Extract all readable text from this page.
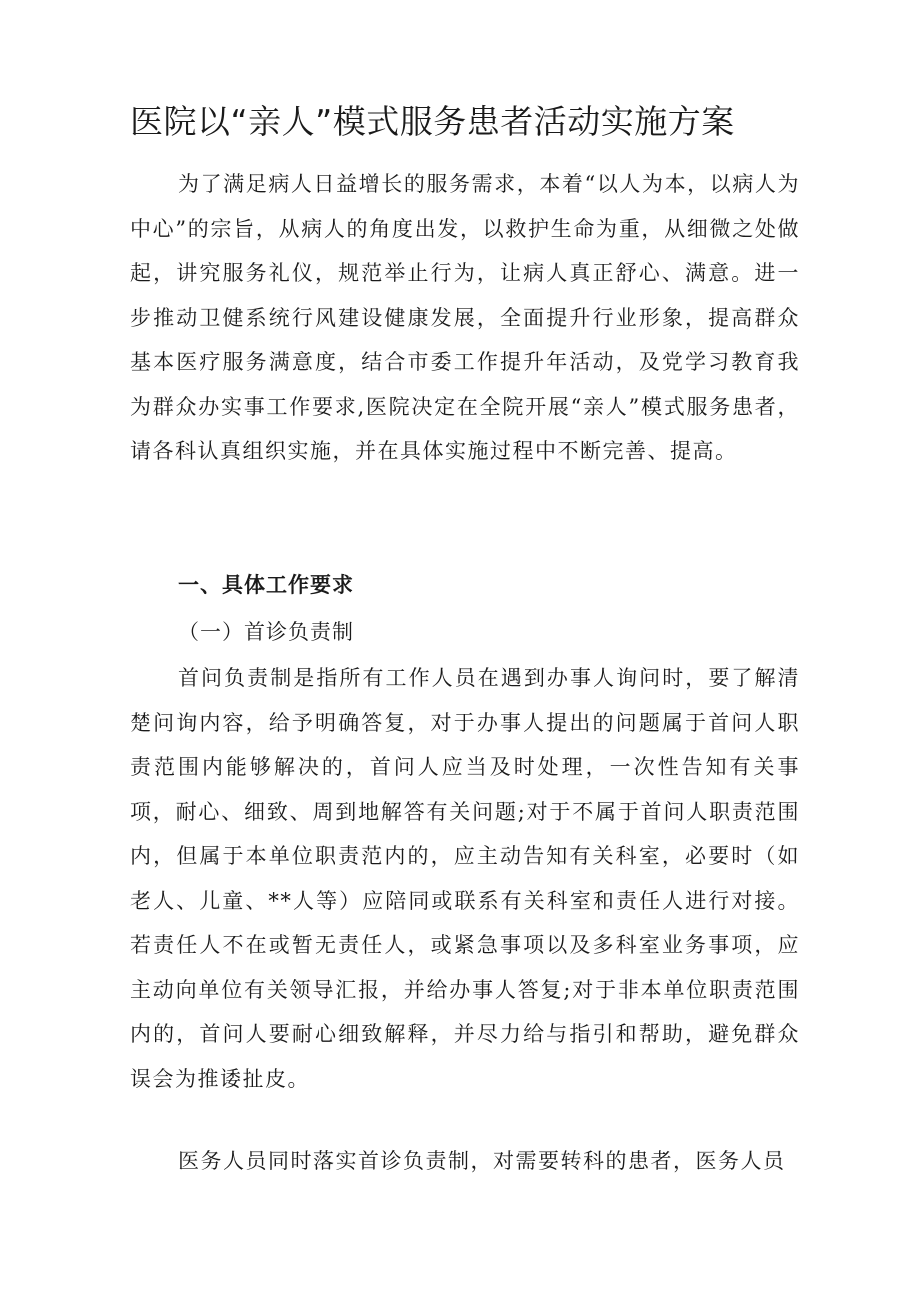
医院以“亲人”模式服务患者活动实施方案

为了满足病人日益增长的服务需求，本着“以人为本，以病人为中心”的宗旨，从病人的角度出发，以救护生命为重，从细微之处做起，讲究服务礼仪，规范举止行为，让病人真正舒心、满意。进一步推动卫健系统行风建设健康发展，全面提升行业形象，提高群众基本医疗服务满意度，结合市委工作提升年活动，及党学习教育我为群众办实事工作要求,医院决定在全院开展“亲人”模式服务患者，请各科认真组织实施，并在具体实施过程中不断完善、提高。

一、具体工作要求
（一）首诊负责制

首问负责制是指所有工作人员在遇到办事人询问时，要了解清楚问询内容，给予明确答复，对于办事人提出的问题属于首问人职责范围内能够解决的，首问人应当及时处理，一次性告知有关事项，耐心、细致、周到地解答有关问题;对于不属于首问人职责范围内，但属于本单位职责范内的，应主动告知有关科室，必要时（如老人、儿童、**人等）应陪同或联系有关科室和责任人进行对接。若责任人不在或暂无责任人，或紧急事项以及多科室业务事项，应主动向单位有关领导汇报，并给办事人答复;对于非本单位职责范围内的，首问人要耐心细致解释，并尽力给与指引和帮助，避免群众误会为推诿扯皮。

医务人员同时落实首诊负责制，对需要转科的患者，医务人员
